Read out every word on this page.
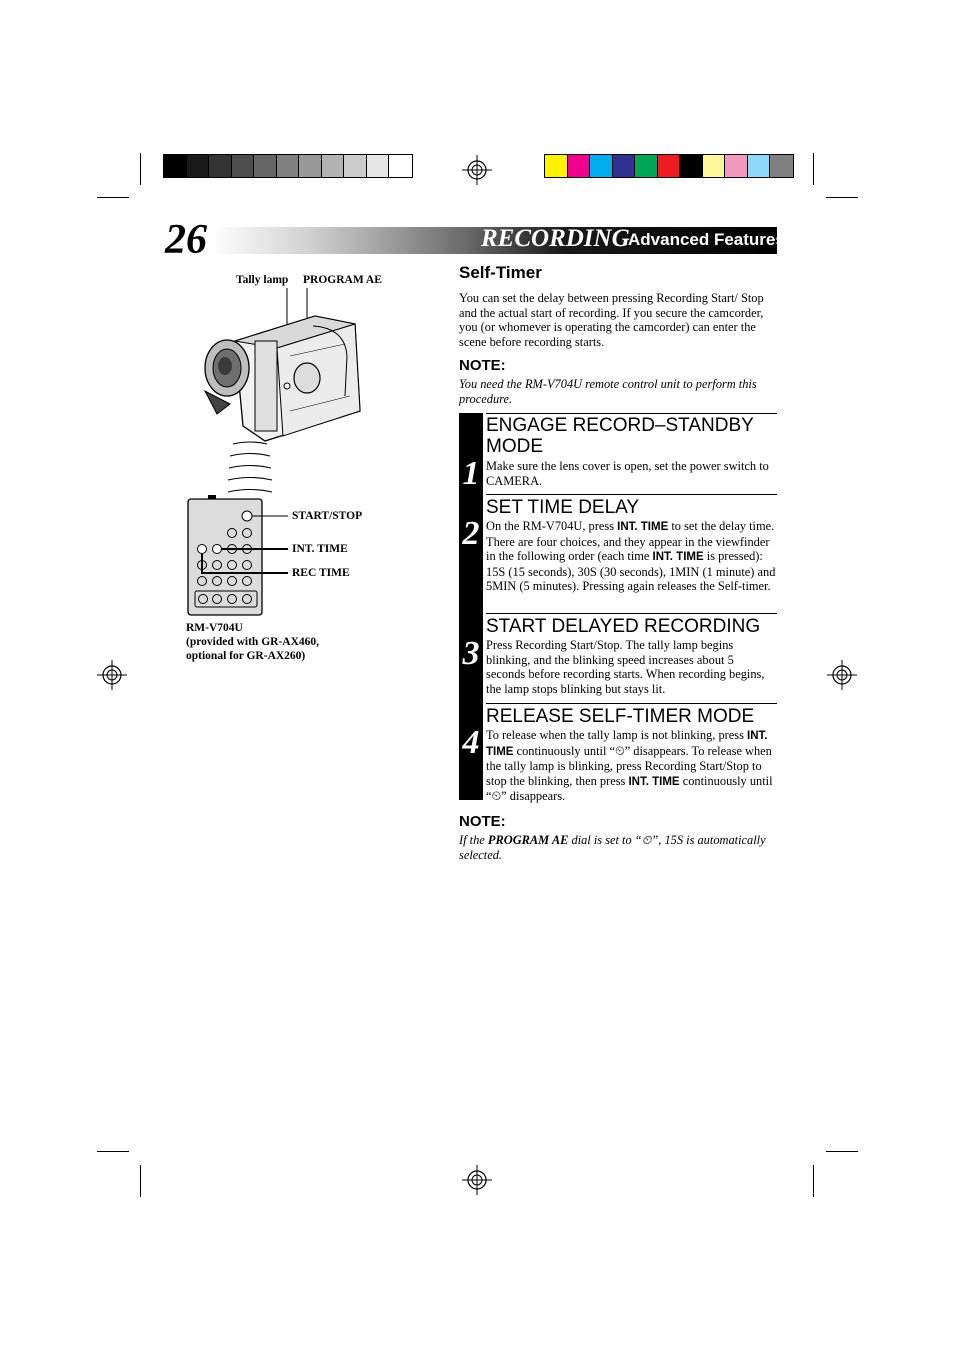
26	RECORDING
Advanced Features
Tally lamp PROGRAM AE
START/STOP
INT. TIME
REC TIME
RM-V704U
(provided with GR-AX460,
optional for GR-AX260)
Self-Timer
You can set the delay between pressing Recording Start/ Stop and the actual start of recording. If you secure the camcorder, you (or whomever is operating the camcorder) can enter the scene before recording starts.
NOTE:
You need the RM-V704U remote control unit to perform this procedure.
1
ENGAGE RECORD–STANDBY
MODE
Make sure the lens cover is open, set the power switch to CAMERA.
2
SET TIME DELAY
On the RM-V704U, press INT. TIME to set the delay time. There are four choices, and they appear in the viewfinder in the following order (each time INT. TIME is pressed): 15S (15 seconds), 30S (30 seconds), 1MIN (1 minute) and 5MIN (5 minutes). Pressing again releases the Self-timer.
3
START DELAYED RECORDING
Press Recording Start/Stop. The tally lamp begins blinking, and the blinking speed increases about 5 seconds before recording starts. When recording begins, the lamp stops blinking but stays lit.
4
RELEASE SELF-TIMER MODE
To release when the tally lamp is not blinking, press INT. TIME continuously until “⏲” disappears. To release when the tally lamp is blinking, press Recording Start/Stop to stop the blinking, then press INT. TIME continuously until “⏲” disappears.
NOTE:
If the PROGRAM AE dial is set to “⏲”, 15S is automatically selected.
